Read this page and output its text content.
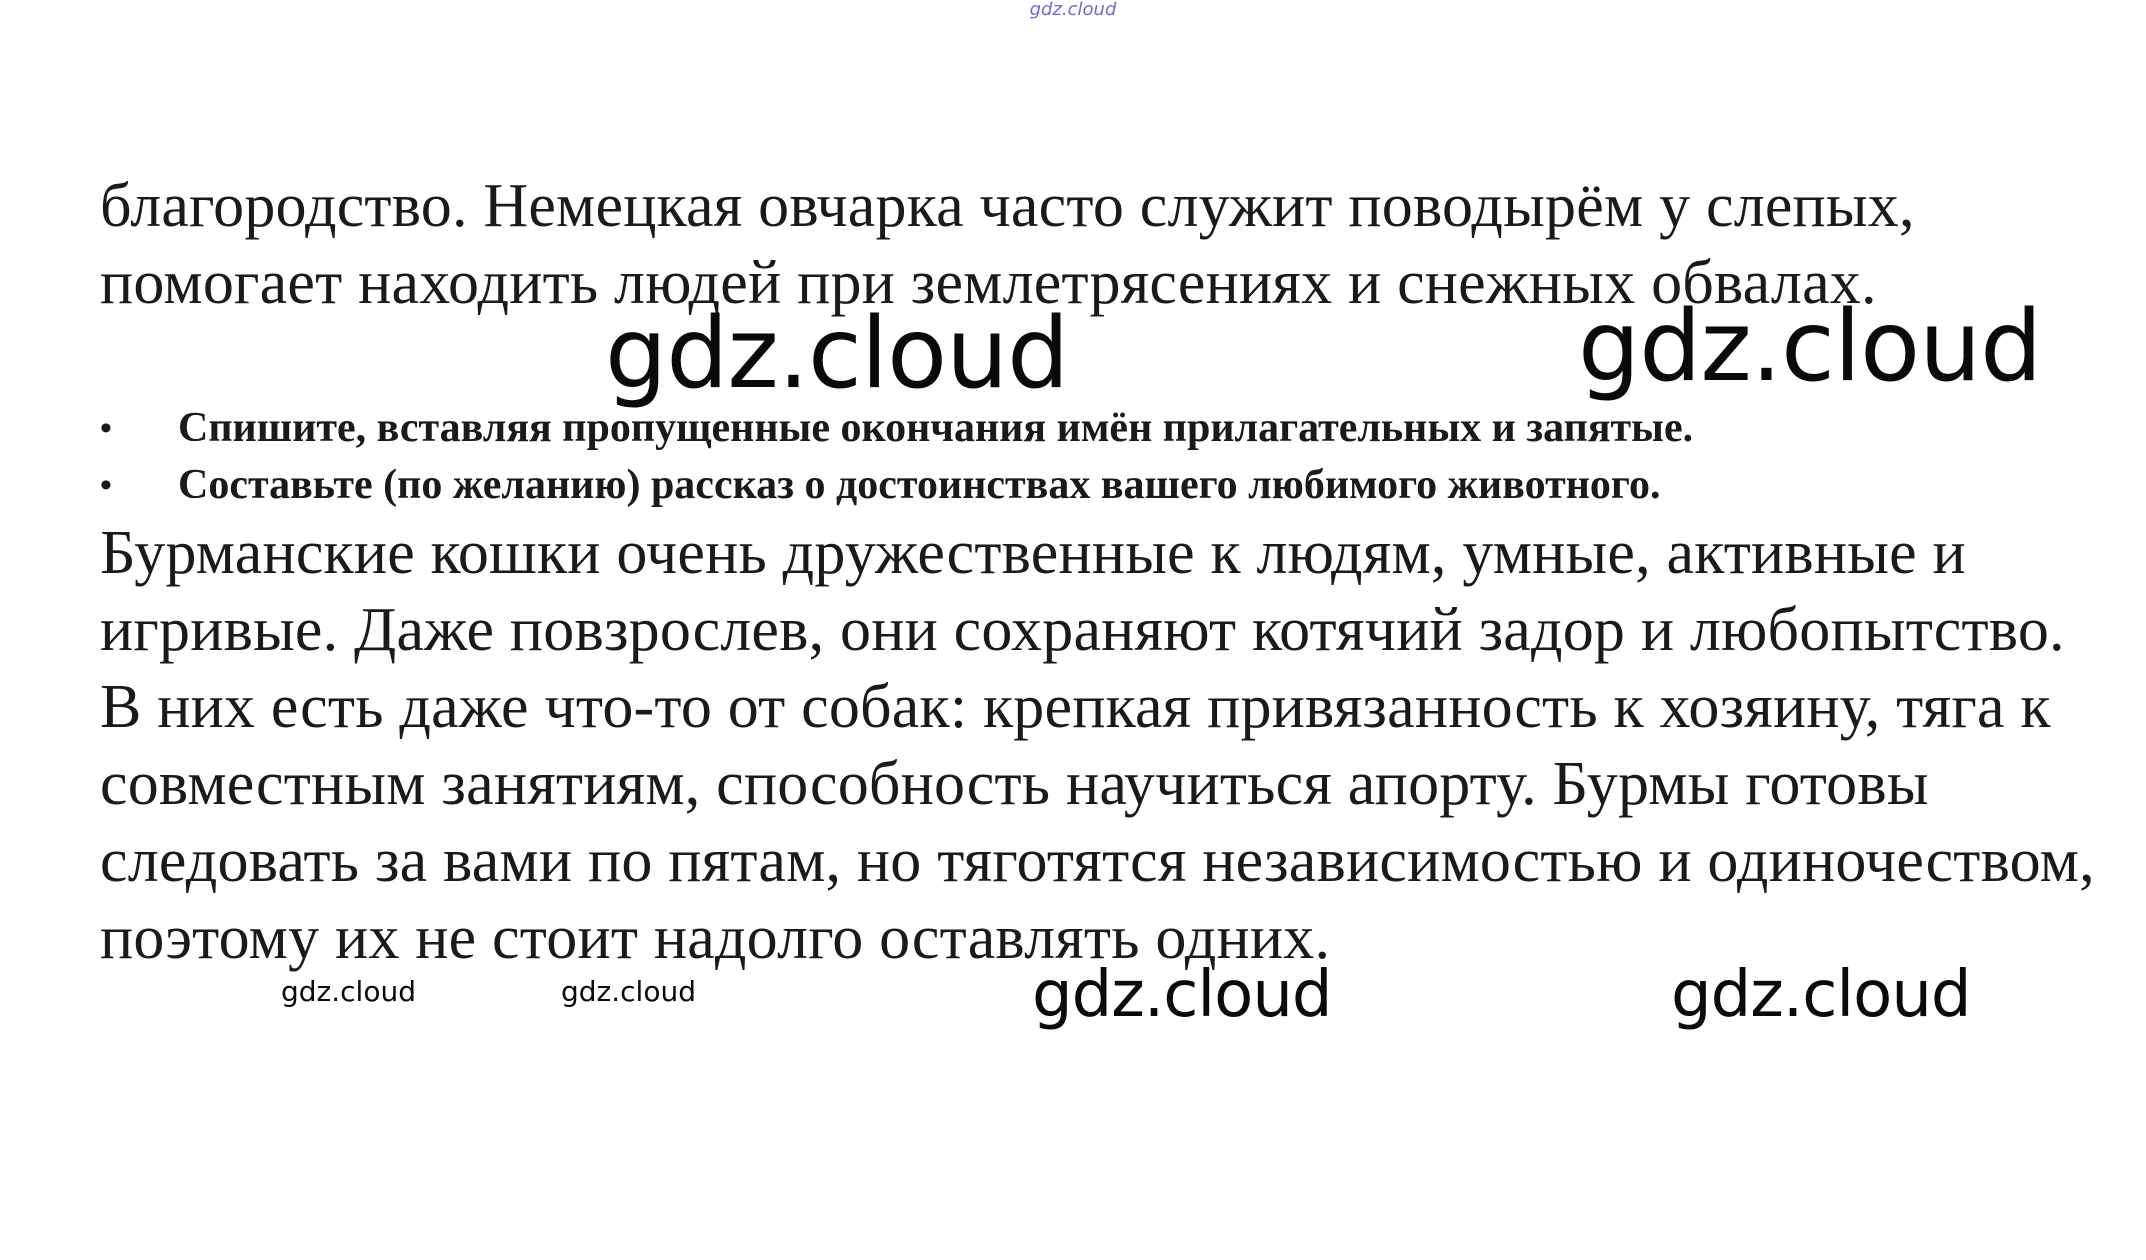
gdz.cloud
благородство. Немецкая овчарка часто служит поводырём у слепых, помогает находить людей при землетрясениях и снежных обвалах.
•	Спишите, вставляя пропущенные окончания имён прилагательных и запятые.
•	Составьте (по желанию) рассказ о достоинствах вашего любимого животного.
Бурманские кошки очень дружественные к людям, умные, активные и игривые. Даже повзрослев, они сохраняют котячий задор и любопытство. В них есть даже что-то от собак: крепкая привязанность к хозяину, тяга к совместным занятиям, способность научиться апорту. Бурмы готовы следовать за вами по пятам, но тяготятся независимостью и одиночеством, поэтому их не стоит надолго оставлять одних.
gdz.cloud	gdz.cloud
gdz.cloud	gdz.cloud	gdz.cloud	gdz.cloud
